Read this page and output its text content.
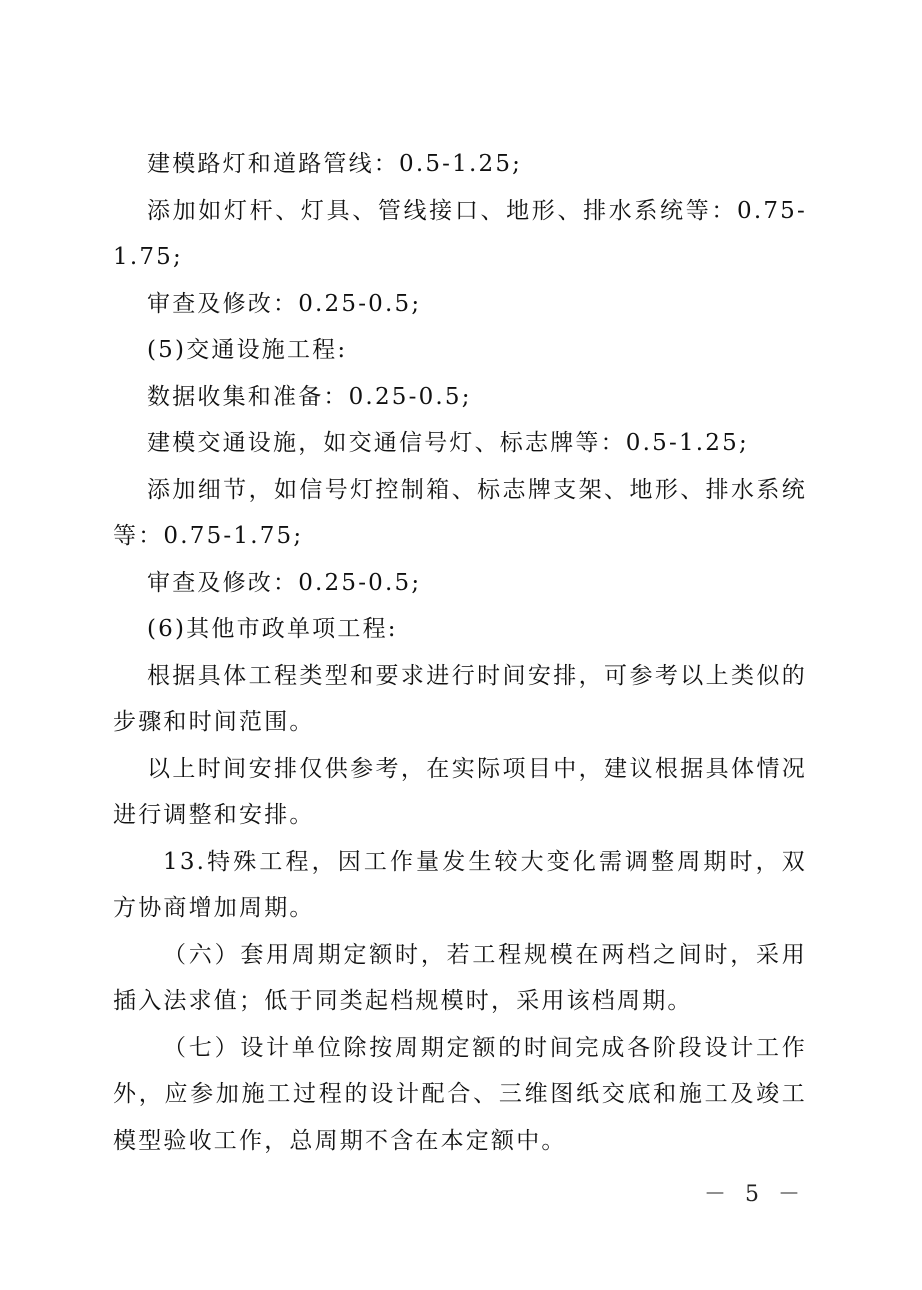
建模路灯和道路管线：0.5-1.25;

添加如灯杆、灯具、管线接口、地形、排水系统等：0.75-1.75;

审查及修改：0.25-0.5;

(5)交通设施工程:

数据收集和准备：0.25-0.5;

建模交通设施，如交通信号灯、标志牌等：0.5-1.25;

添加细节，如信号灯控制箱、标志牌支架、地形、排水系统等：0.75-1.75;

审查及修改：0.25-0.5;

(6)其他市政单项工程:

根据具体工程类型和要求进行时间安排，可参考以上类似的步骤和时间范围。

以上时间安排仅供参考，在实际项目中，建议根据具体情况进行调整和安排。

13.特殊工程，因工作量发生较大变化需调整周期时，双方协商增加周期。

（六）套用周期定额时，若工程规模在两档之间时，采用插入法求值；低于同类起档规模时，采用该档周期。

（七）设计单位除按周期定额的时间完成各阶段设计工作外，应参加施工过程的设计配合、三维图纸交底和施工及竣工模型验收工作，总周期不含在本定额中。

－ 5 －
